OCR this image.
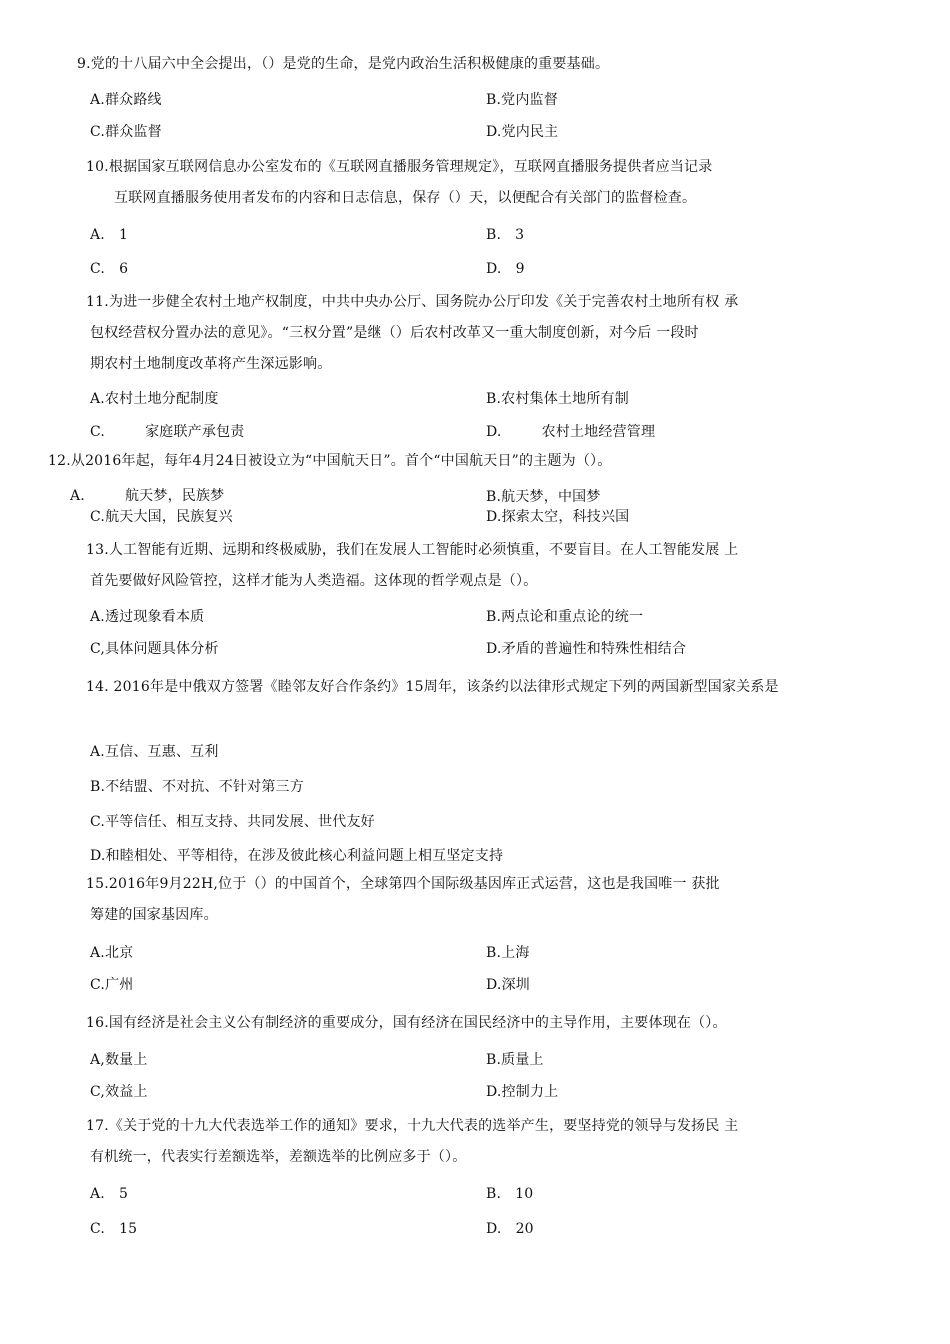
9.党的十八届六中全会提出，（）是党的生命，是党内政治生活积极健康的重要基础。
A.群众路线	B.党内监督
C.群众监督	D.党内民主
10.根据国家互联网信息办公室发布的《互联网直播服务管理规定》，互联网直播服务提供者应当记录
互联网直播服务使用者发布的内容和日志信息，保存（）天，以便配合有关部门的监督检查。
A. 1	B. 3
C. 6	D. 9
11.为进一步健全农村土地产权制度，中共中央办公厅、国务院办公厅印发《关于完善农村土地所有权 承
包权经营权分置办法的意见》。“三权分置”是继（）后农村改革又一重大制度创新，对今后 一段时
期农村土地制度改革将产生深远影响。
A.农村土地分配制度	B.农村集体土地所有制
C.	家庭联产承包责	D.	农村土地经营管理
12.从2016年起，每年4月24日被设立为“中国航天日”。首个“中国航天日”的主题为（）。
A.	航天梦，民族梦	B.航天梦，中国梦
C.航天大国，民族复兴	D.探索太空，科技兴国
13.人工智能有近期、远期和终极威胁，我们在发展人工智能时必须慎重，不要盲目。在人工智能发展 上
首先要做好风险管控，这样才能为人类造福。这体现的哲学观点是（）。
A.透过现象看本质	B.两点论和重点论的统一
C,具体问题具体分析	D.矛盾的普遍性和特殊性相结合
14. 2016年是中俄双方签署《睦邻友好合作条约》15周年，该条约以法律形式规定下列的两国新型国家关系是
A.互信、互惠、互利
B.不结盟、不对抗、不针对第三方
C.平等信任、相互支持、共同发展、世代友好
D.和睦相处、平等相待，在涉及彼此核心利益问题上相互坚定支持
15.2016年9月22H,位于（）的中国首个，全球第四个国际级基因库正式运营，这也是我国唯一 获批
筹建的国家基因库。
A.北京	B.上海
C.广州	D.深圳
16.国有经济是社会主义公有制经济的重要成分，国有经济在国民经济中的主导作用，主要体现在（）。
A,数量上	B.质量上
C,效益上	D.控制力上
17.《关于党的十九大代表选举工作的通知》要求，十九大代表的选举产生，要坚持党的领导与发扬民 主
有机统一，代表实行差额选举，差额选举的比例应多于（）。
A. 5	B. 10
C. 15	D. 20
